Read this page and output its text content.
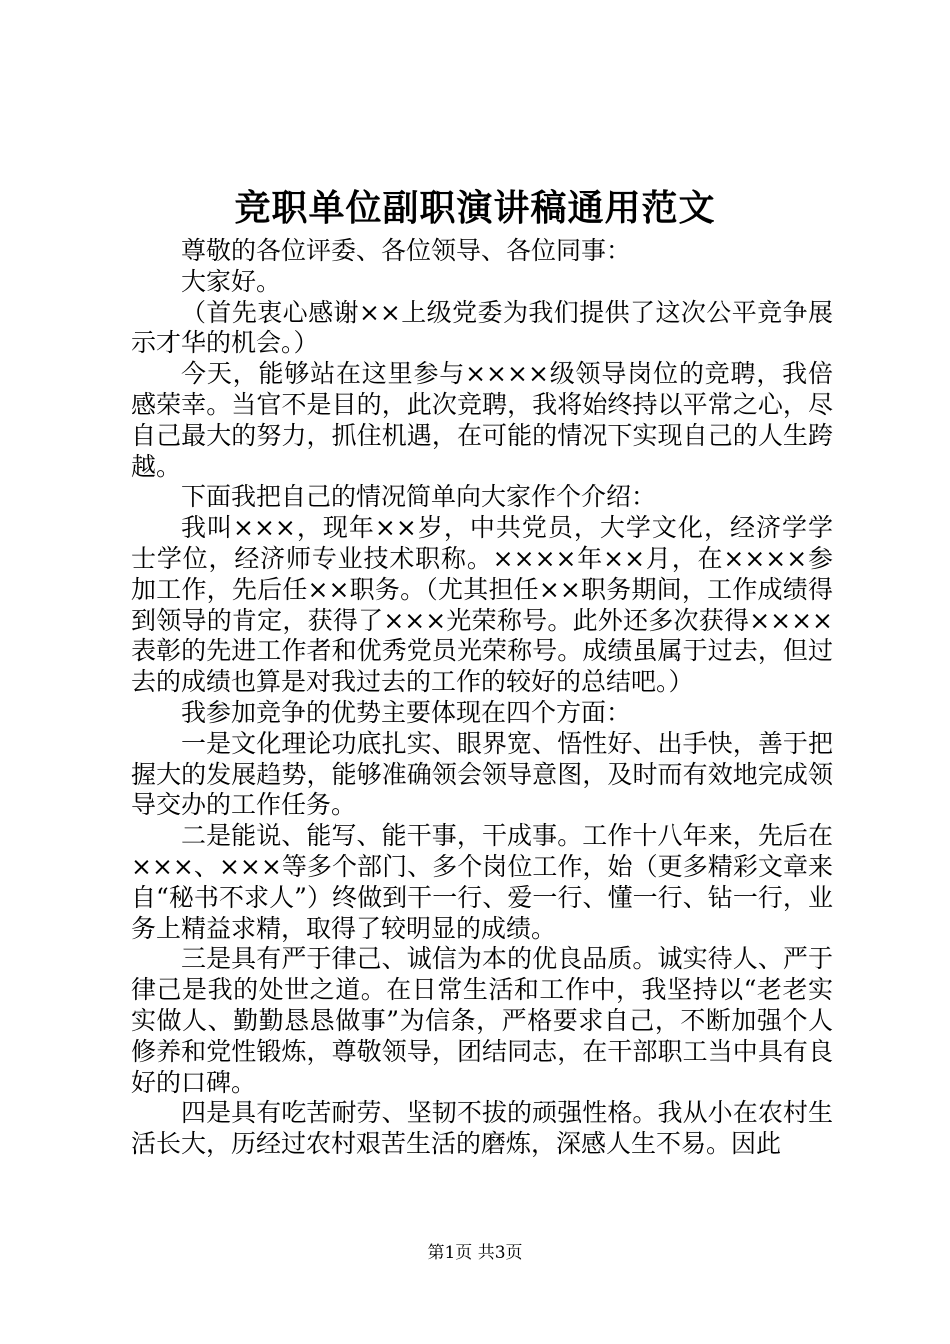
竞职单位副职演讲稿通用范文

尊敬的各位评委、各位领导、各位同事：

大家好。

（首先衷心感谢××上级党委为我们提供了这次公平竞争展示才华的机会。）

今天，能够站在这里参与××××级领导岗位的竞聘，我倍感荣幸。当官不是目的，此次竞聘，我将始终持以平常之心，尽自己最大的努力，抓住机遇，在可能的情况下实现自己的人生跨越。

下面我把自己的情况简单向大家作个介绍：

我叫×××，现年××岁，中共党员，大学文化，经济学学士学位，经济师专业技术职称。××××年××月，在××××参加工作，先后任××职务。（尤其担任××职务期间，工作成绩得到领导的肯定，获得了×××光荣称号。此外还多次获得××××表彰的先进工作者和优秀党员光荣称号。成绩虽属于过去，但过去的成绩也算是对我过去的工作的较好的总结吧。）

我参加竞争的优势主要体现在四个方面：

一是文化理论功底扎实、眼界宽、悟性好、出手快，善于把握大的发展趋势，能够准确领会领导意图，及时而有效地完成领导交办的工作任务。

二是能说、能写、能干事，干成事。工作十八年来，先后在×××、×××等多个部门、多个岗位工作，始（更多精彩文章来自“秘书不求人”）终做到干一行、爱一行、懂一行、钻一行，业务上精益求精，取得了较明显的成绩。

三是具有严于律己、诚信为本的优良品质。诚实待人、严于律己是我的处世之道。在日常生活和工作中，我坚持以“老老实实做人、勤勤恳恳做事”为信条，严格要求自己，不断加强个人修养和党性锻炼，尊敬领导，团结同志，在干部职工当中具有良好的口碑。

四是具有吃苦耐劳、坚韧不拔的顽强性格。我从小在农村生活长大，历经过农村艰苦生活的磨炼，深感人生不易。因此

第1页 共3页
